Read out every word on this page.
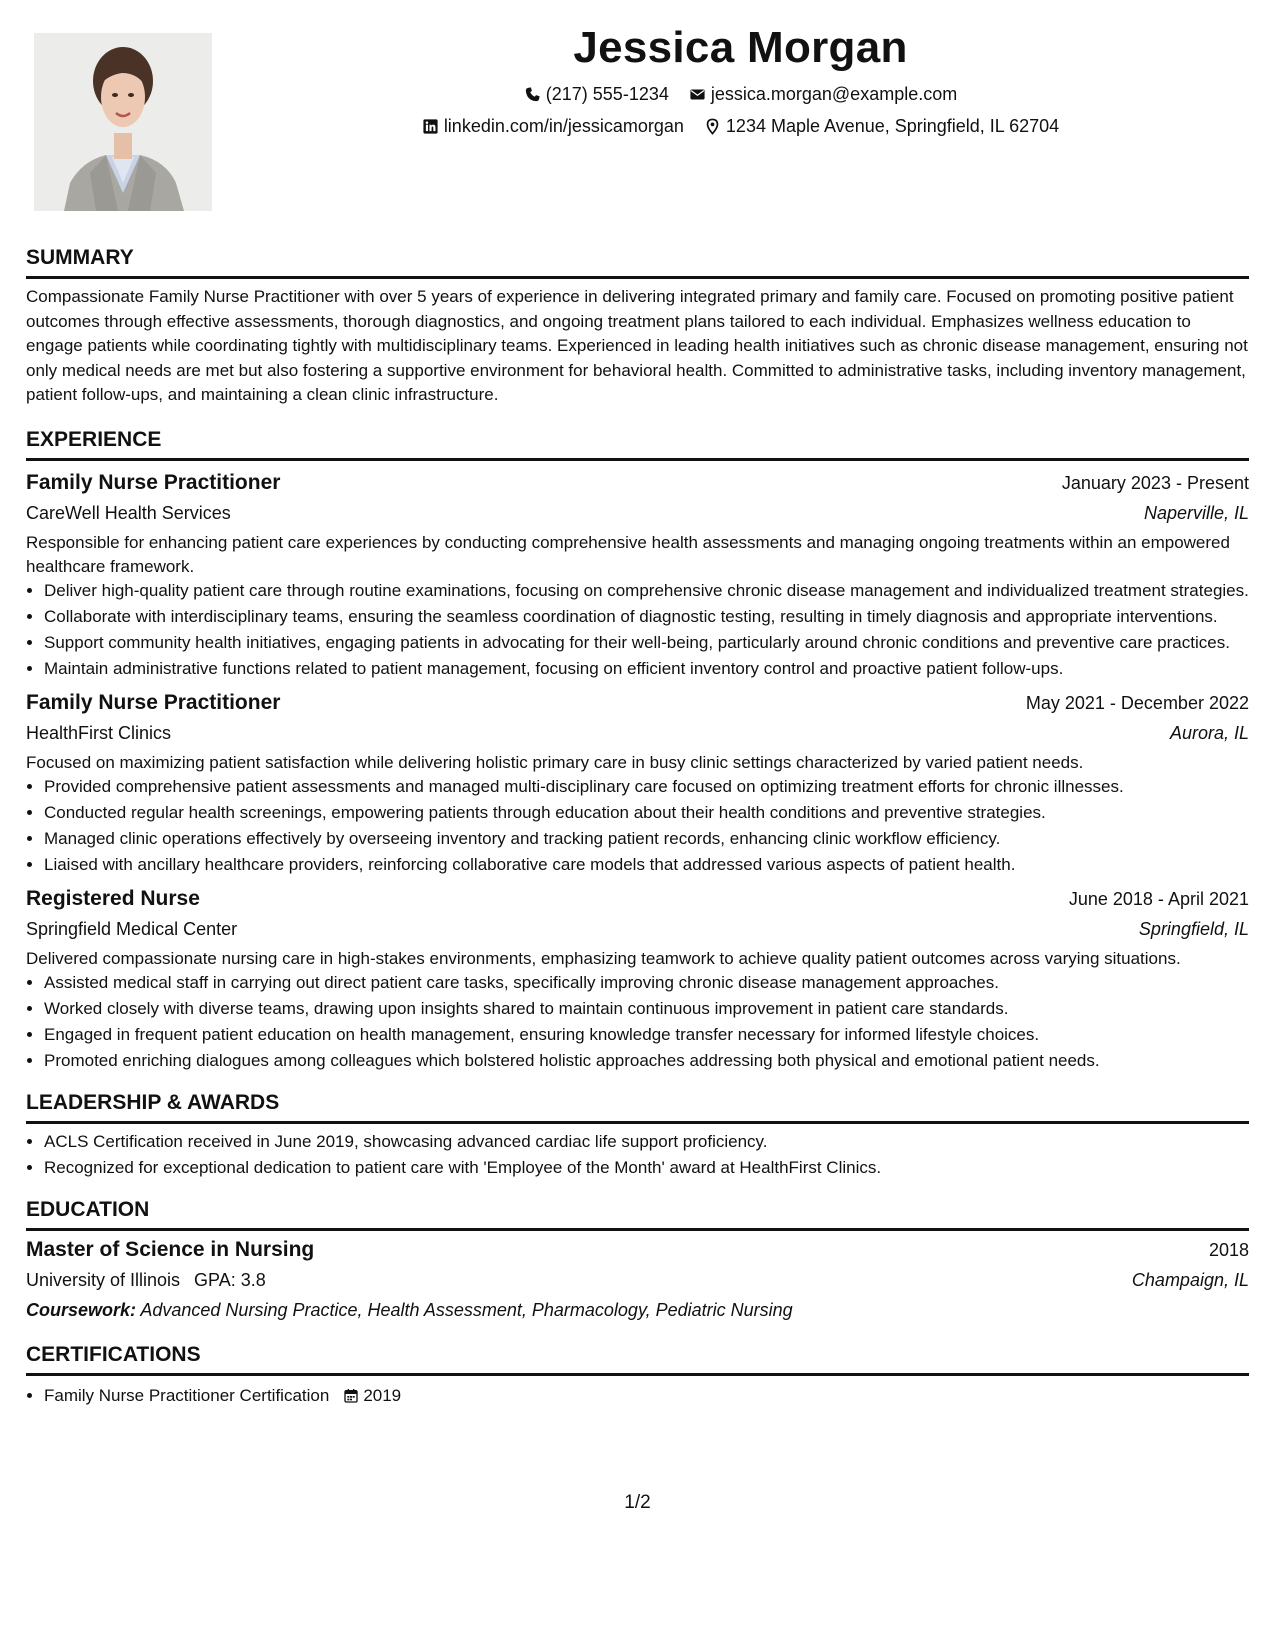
Jessica Morgan
(217) 555-1234 jessica.morgan@example.com
linkedin.com/in/jessicamorgan 1234 Maple Avenue, Springfield, IL 62704
SUMMARY

Compassionate Family Nurse Practitioner with over 5 years of experience in delivering integrated primary and family care. Focused on promoting positive patient outcomes through effective assessments, thorough diagnostics, and ongoing treatment plans tailored to each individual. Emphasizes wellness education to engage patients while coordinating tightly with multidisciplinary teams. Experienced in leading health initiatives such as chronic disease management, ensuring not only medical needs are met but also fostering a supportive environment for behavioral health. Committed to administrative tasks, including inventory management, patient follow-ups, and maintaining a clean clinic infrastructure.

EXPERIENCE
Family Nurse Practitioner	January 2023 - Present
CareWell Health Services	Naperville, IL

Responsible for enhancing patient care experiences by conducting comprehensive health assessments and managing ongoing treatments within an empowered healthcare framework.

• Deliver high-quality patient care through routine examinations, focusing on comprehensive chronic disease management and individualized treatment strategies.
• Collaborate with interdisciplinary teams, ensuring the seamless coordination of diagnostic testing, resulting in timely diagnosis and appropriate interventions.
• Support community health initiatives, engaging patients in advocating for their well-being, particularly around chronic conditions and preventive care practices.
• Maintain administrative functions related to patient management, focusing on efficient inventory control and proactive patient follow-ups.
Family Nurse Practitioner	May 2021 - December 2022
HealthFirst Clinics	Aurora, IL

Focused on maximizing patient satisfaction while delivering holistic primary care in busy clinic settings characterized by varied patient needs.

• Provided comprehensive patient assessments and managed multi-disciplinary care focused on optimizing treatment efforts for chronic illnesses.
• Conducted regular health screenings, empowering patients through education about their health conditions and preventive strategies.
• Managed clinic operations effectively by overseeing inventory and tracking patient records, enhancing clinic workflow efficiency.
• Liaised with ancillary healthcare providers, reinforcing collaborative care models that addressed various aspects of patient health.
Registered Nurse	June 2018 - April 2021
Springfield Medical Center	Springfield, IL

Delivered compassionate nursing care in high-stakes environments, emphasizing teamwork to achieve quality patient outcomes across varying situations.

• Assisted medical staff in carrying out direct patient care tasks, specifically improving chronic disease management approaches.
• Worked closely with diverse teams, drawing upon insights shared to maintain continuous improvement in patient care standards.
• Engaged in frequent patient education on health management, ensuring knowledge transfer necessary for informed lifestyle choices.
• Promoted enriching dialogues among colleagues which bolstered holistic approaches addressing both physical and emotional patient needs.
LEADERSHIP & AWARDS
• ACLS Certification received in June 2019, showcasing advanced cardiac life support proficiency.
• Recognized for exceptional dedication to patient care with 'Employee of the Month' award at HealthFirst Clinics.
EDUCATION
Master of Science in Nursing	2018
University of Illinois GPA: 3.8	Champaign, IL
Coursework: Advanced Nursing Practice, Health Assessment, Pharmacology, Pediatric Nursing
CERTIFICATIONS
• Family Nurse Practitioner Certification 2019
1/2
